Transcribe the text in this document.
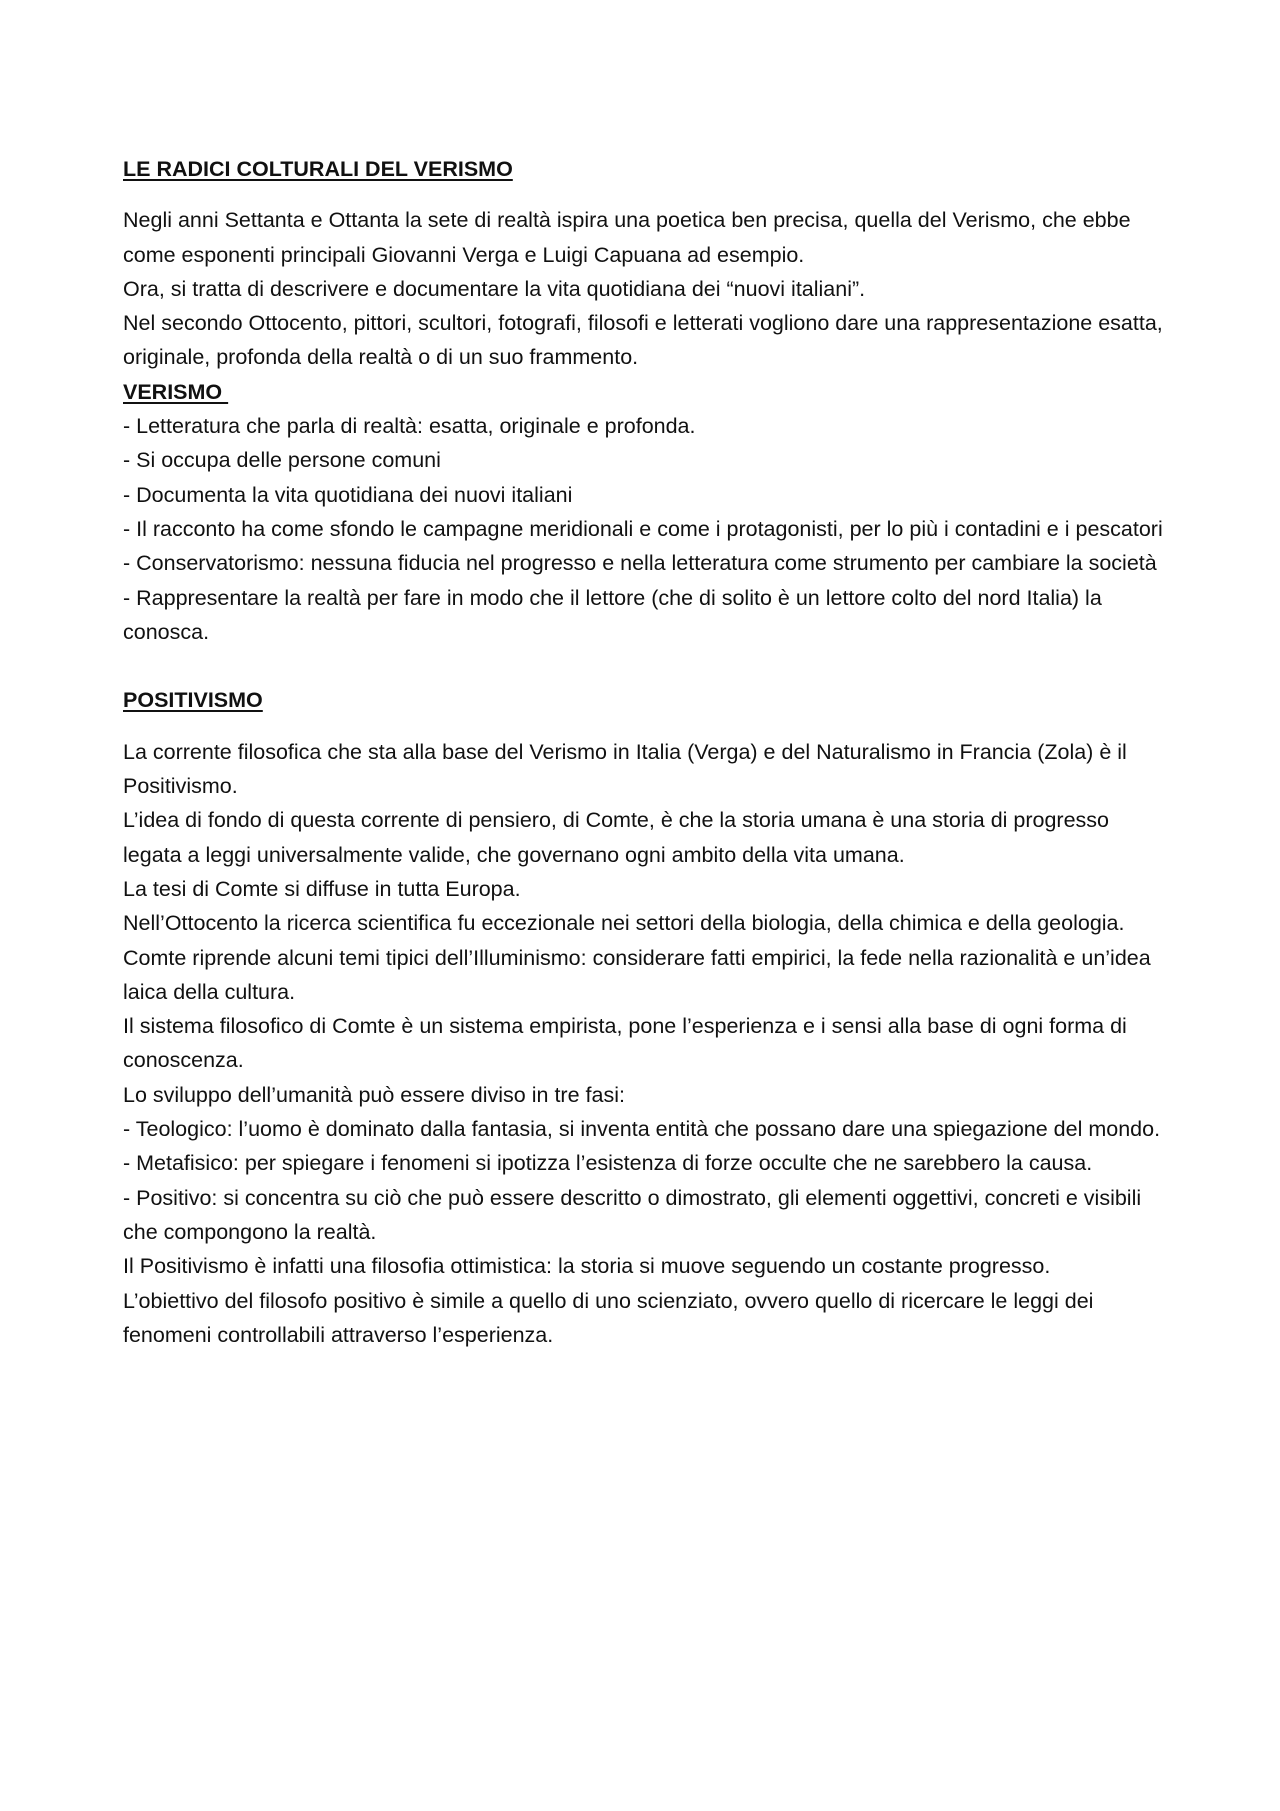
LE RADICI COLTURALI DEL VERISMO

Negli anni Settanta e Ottanta la sete di realtà ispira una poetica ben precisa, quella del Verismo, che ebbe come esponenti principali Giovanni Verga e Luigi Capuana ad esempio.

Ora, si tratta di descrivere e documentare la vita quotidiana dei “nuovi italiani”.

Nel secondo Ottocento, pittori, scultori, fotografi, filosofi e letterati vogliono dare una rappresentazione esatta, originale, profonda della realtà o di un suo frammento.

VERISMO

- Letteratura che parla di realtà: esatta, originale e profonda.

- Si occupa delle persone comuni

- Documenta la vita quotidiana dei nuovi italiani

- Il racconto ha come sfondo le campagne meridionali e come i protagonisti, per lo più i contadini e i pescatori

- Conservatorismo: nessuna fiducia nel progresso e nella letteratura come strumento per cambiare la società

- Rappresentare la realtà per fare in modo che il lettore (che di solito è un lettore colto del nord Italia) la conosca.

POSITIVISMO

La corrente filosofica che sta alla base del Verismo in Italia (Verga) e del Naturalismo in Francia (Zola) è il Positivismo.

L’idea di fondo di questa corrente di pensiero, di Comte, è che la storia umana è una storia di progresso legata a leggi universalmente valide, che governano ogni ambito della vita umana.

La tesi di Comte si diffuse in tutta Europa.

Nell’Ottocento la ricerca scientifica fu eccezionale nei settori della biologia, della chimica e della geologia.

Comte riprende alcuni temi tipici dell’Illuminismo: considerare fatti empirici, la fede nella razionalità e un’idea laica della cultura.

Il sistema filosofico di Comte è un sistema empirista, pone l’esperienza e i sensi alla base di ogni forma di conoscenza.

Lo sviluppo dell’umanità può essere diviso in tre fasi:

- Teologico: l’uomo è dominato dalla fantasia, si inventa entità che possano dare una spiegazione del mondo.

- Metafisico: per spiegare i fenomeni si ipotizza l’esistenza di forze occulte che ne sarebbero la causa.

- Positivo: si concentra su ciò che può essere descritto o dimostrato, gli elementi oggettivi, concreti e visibili che compongono la realtà.

Il Positivismo è infatti una filosofia ottimistica: la storia si muove seguendo un costante progresso.

L’obiettivo del filosofo positivo è simile a quello di uno scienziato, ovvero quello di ricercare le leggi dei fenomeni controllabili attraverso l’esperienza.
